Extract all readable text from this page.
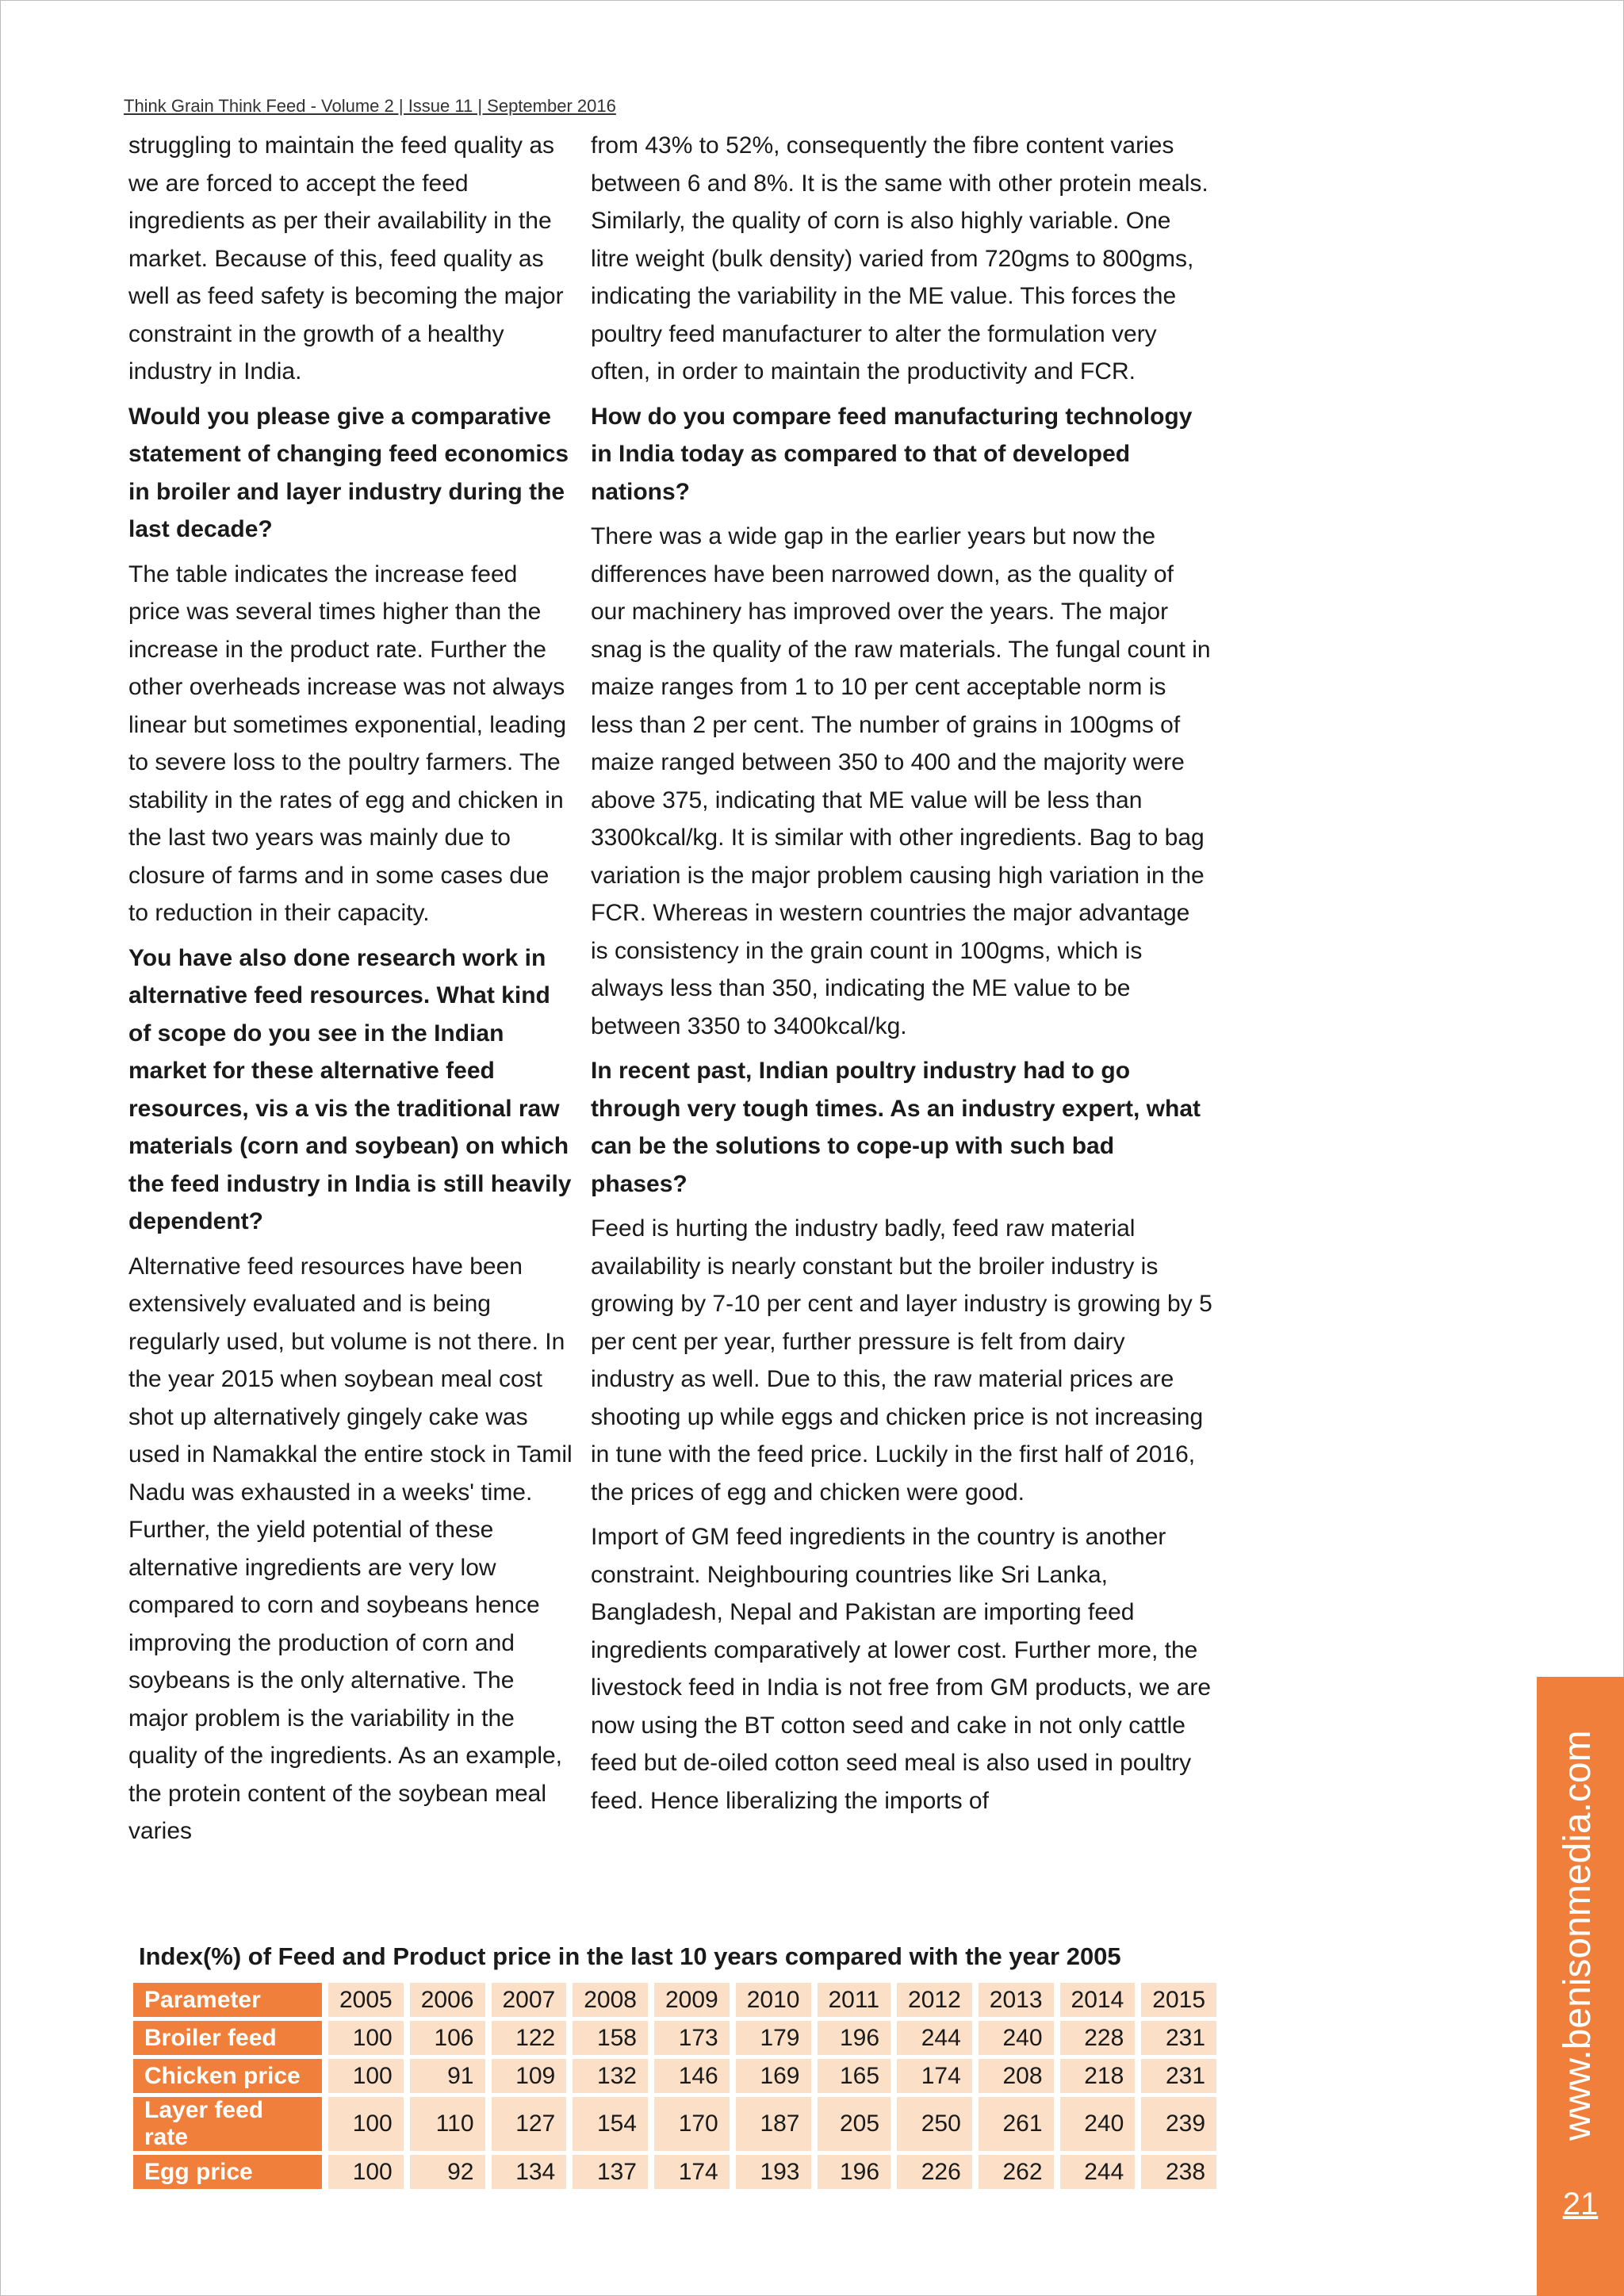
Think Grain Think Feed - Volume 2 | Issue 11 | September 2016

struggling to maintain the feed quality as we are forced to accept the feed ingredients as per their availability in the market. Because of this, feed quality as well as feed safety is becoming the major constraint in the growth of a healthy industry in India.

Would you please give a comparative statement of changing feed economics in broiler and layer industry during the last decade?

The table indicates the increase feed price was several times higher than the increase in the product rate. Further the other overheads increase was not always linear but sometimes exponential, leading to severe loss to the poultry farmers. The stability in the rates of egg and chicken in the last two years was mainly due to closure of farms and in some cases due to reduction in their capacity.

You have also done research work in alternative feed resources. What kind of scope do you see in the Indian market for these alternative feed resources, vis a vis the traditional raw materials (corn and soybean) on which the feed industry in India is still heavily dependent?

Alternative feed resources have been extensively evaluated and is being regularly used, but volume is not there. In the year 2015 when soybean meal cost shot up alternatively gingely cake was used in Namakkal the entire stock in Tamil Nadu was exhausted in a weeks' time. Further, the yield potential of these alternative ingredients are very low compared to corn and soybeans hence improving the production of corn and soybeans is the only alternative. The major problem is the variability in the quality of the ingredients. As an example, the protein content of the soybean meal varies

from 43% to 52%, consequently the fibre content varies between 6 and 8%. It is the same with other protein meals. Similarly, the quality of corn is also highly variable. One litre weight (bulk density) varied from 720gms to 800gms, indicating the variability in the ME value. This forces the poultry feed manufacturer to alter the formulation very often, in order to maintain the productivity and FCR.

How do you compare feed manufacturing technology in India today as compared to that of developed nations?

There was a wide gap in the earlier years but now the differences have been narrowed down, as the quality of our machinery has improved over the years. The major snag is the quality of the raw materials. The fungal count in maize ranges from 1 to 10 per cent acceptable norm is less than 2 per cent. The number of grains in 100gms of maize ranged between 350 to 400 and the majority were above 375, indicating that ME value will be less than 3300kcal/kg. It is similar with other ingredients. Bag to bag variation is the major problem causing high variation in the FCR. Whereas in western countries the major advantage is consistency in the grain count in 100gms, which is always less than 350, indicating the ME value to be between 3350 to 3400kcal/kg.

In recent past, Indian poultry industry had to go through very tough times. As an industry expert, what can be the solutions to cope-up with such bad phases?

Feed is hurting the industry badly, feed raw material availability is nearly constant but the broiler industry is growing by 7-10 per cent and layer industry is growing by 5 per cent per year, further pressure is felt from dairy industry as well. Due to this, the raw material prices are shooting up while eggs and chicken price is not increasing in tune with the feed price. Luckily in the first half of 2016, the prices of egg and chicken were good.

Import of GM feed ingredients in the country is another constraint. Neighbouring countries like Sri Lanka, Bangladesh, Nepal and Pakistan are importing feed ingredients comparatively at lower cost. Further more, the livestock feed in India is not free from GM products, we are now using the BT cotton seed and cake in not only cattle feed but de-oiled cotton seed meal is also used in poultry feed. Hence liberalizing the imports of

Index(%) of Feed and Product price in the last 10 years compared with the year 2005
Parameter	2005	2006	2007	2008	2009	2010	2011	2012	2013	2014	2015
Broiler feed	100	106	122	158	173	179	196	244	240	228	231
Chicken price	100	91	109	132	146	169	165	174	208	218	231
Layer feed rate	100	110	127	154	170	187	205	250	261	240	239
Egg price	100	92	134	137	174	193	196	226	262	244	238
www.benisonmedia.com
21
